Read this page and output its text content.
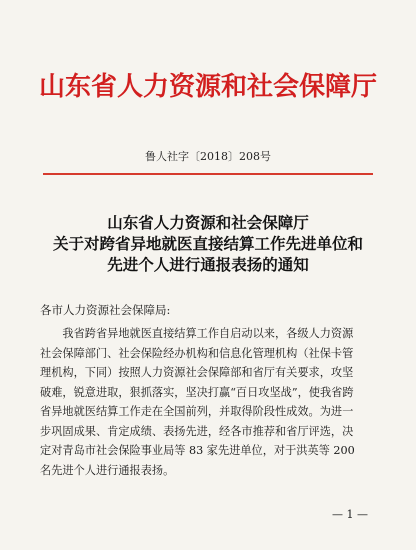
山东省人力资源和社会保障厅
鲁人社字〔2018〕208号
山东省人力资源和社会保障厅
关于对跨省异地就医直接结算工作先进单位和
先进个人进行通报表扬的通知
各市人力资源社会保障局:
　　我省跨省异地就医直接结算工作自启动以来，各级人力资源
社会保障部门、社会保险经办机构和信息化管理机构（社保卡管
理机构，下同）按照人力资源社会保障部和省厅有关要求，攻坚
破难，锐意进取，狠抓落实，坚决打赢“百日攻坚战”，使我省跨
省异地就医结算工作走在全国前列，并取得阶段性成效。为进一
步巩固成果、肯定成绩、表扬先进，经各市推荐和省厅评选，决
定对青岛市社会保险事业局等 83 家先进单位，对于洪英等 200
名先进个人进行通报表扬。
— 1 —
